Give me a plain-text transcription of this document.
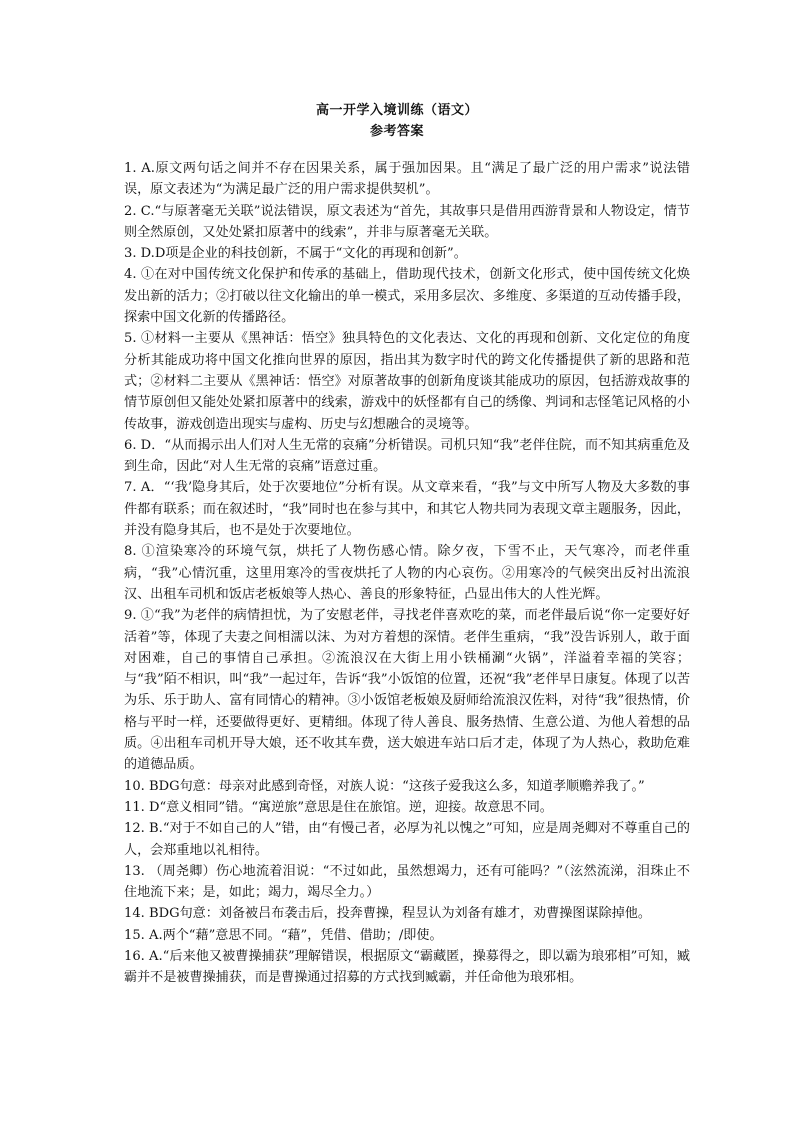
高一开学入境训练（语文）
参考答案

1. A.原文两句话之间并不存在因果关系，属于强加因果。且“满足了最广泛的用户需求”说法错误，原文表述为“为满足最广泛的用户需求提供契机”。

2. C.“与原著毫无关联”说法错误，原文表述为“首先，其故事只是借用西游背景和人物设定，情节则全然原创，又处处紧扣原著中的线索”，并非与原著毫无关联。

3. D.D项是企业的科技创新，不属于“文化的再现和创新”。

4. ①在对中国传统文化保护和传承的基础上，借助现代技术，创新文化形式，使中国传统文化焕发出新的活力；②打破以往文化输出的单一模式，采用多层次、多维度、多渠道的互动传播手段，探索中国文化新的传播路径。

5. ①材料一主要从《黑神话：悟空》独具特色的文化表达、文化的再现和创新、文化定位的角度分析其能成功将中国文化推向世界的原因，指出其为数字时代的跨文化传播提供了新的思路和范式；②材料二主要从《黑神话：悟空》对原著故事的创新角度谈其能成功的原因，包括游戏故事的情节原创但又能处处紧扣原著中的线索，游戏中的妖怪都有自己的绣像、判词和志怪笔记风格的小传故事，游戏创造出现实与虚构、历史与幻想融合的灵境等。

6. D．“从而揭示出人们对人生无常的哀痛”分析错误。司机只知“我”老伴住院，而不知其病重危及到生命，因此“对人生无常的哀痛”语意过重。

7. A．“‘我’隐身其后，处于次要地位”分析有误。从文章来看，“我”与文中所写人物及大多数的事件都有联系；而在叙述时，“我”同时也在参与其中，和其它人物共同为表现文章主题服务，因此，并没有隐身其后，也不是处于次要地位。

8. ①渲染寒冷的环境气氛，烘托了人物伤感心情。除夕夜，下雪不止，天气寒冷，而老伴重病，“我”心情沉重，这里用寒冷的雪夜烘托了人物的内心哀伤。②用寒冷的气候突出反衬出流浪汉、出租车司机和饭店老板娘等人热心、善良的形象特征，凸显出伟大的人性光辉。

9. ①“我”为老伴的病情担忧，为了安慰老伴，寻找老伴喜欢吃的菜，而老伴最后说“你一定要好好活着”等，体现了夫妻之间相濡以沫、为对方着想的深情。老伴生重病，“我”没告诉别人，敢于面对困难，自己的事情自己承担。②流浪汉在大街上用小铁桶涮“火锅”，洋溢着幸福的笑容；与“我”陌不相识，叫“我”一起过年，告诉“我”小饭馆的位置，还祝“我”老伴早日康复。体现了以苦为乐、乐于助人、富有同情心的精神。③小饭馆老板娘及厨师给流浪汉佐料，对待“我”很热情，价格与平时一样，还要做得更好、更精细。体现了待人善良、服务热情、生意公道、为他人着想的品质。④出租车司机开导大娘，还不收其车费，送大娘进车站口后才走，体现了为人热心，救助危难的道德品质。

10. BDG句意：母亲对此感到奇怪，对族人说：“这孩子爱我这么多，知道孝顺赡养我了。”

11. D“意义相同”错。“寓逆旅”意思是住在旅馆。逆，迎接。故意思不同。

12. B.“对于不如自己的人”错，由“有慢己者，必厚为礼以愧之”可知，应是周尧卿对不尊重自己的人，会郑重地以礼相待。

13. （周尧卿）伤心地流着泪说：“不过如此，虽然想竭力，还有可能吗？”（泫然流涕，泪珠止不住地流下来；是，如此；竭力，竭尽全力。）

14. BDG句意：刘备被吕布袭击后，投奔曹操，程昱认为刘备有雄才，劝曹操图谋除掉他。

15. A.两个“藉”意思不同。“藉”，凭借、借助；/即使。

16. A.“后来他又被曹操捕获”理解错误，根据原文“霸藏匿，操募得之，即以霸为琅邪相”可知，臧霸并不是被曹操捕获，而是曹操通过招募的方式找到臧霸，并任命他为琅邪相。
